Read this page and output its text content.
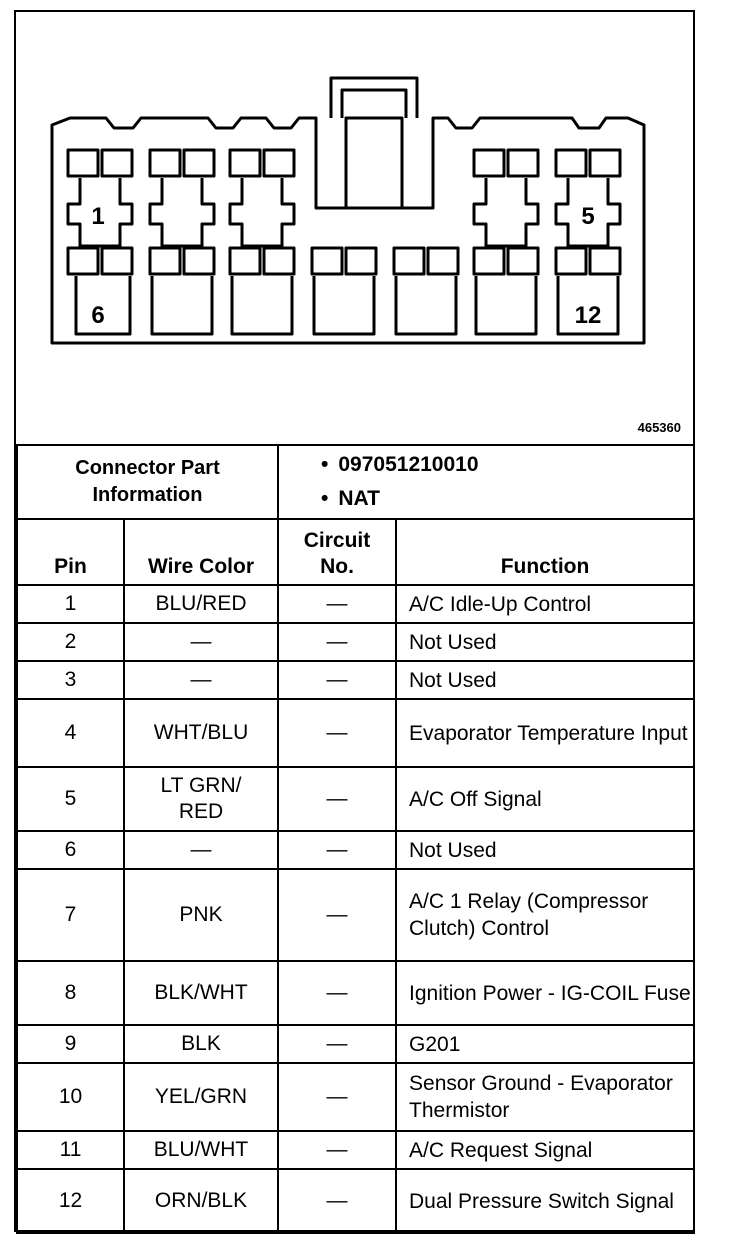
1	5
6	12
465360
Connector Part Information		• 097051210010
• NAT	

Pin	Wire Color	Circuit No.	Function
1	BLU/RED	—	A/C Idle-Up Control
2	—	—	Not Used
3	—	—	Not Used
4	WHT/BLU	—	Evaporator Temperature Input
5	LT GRN/ RED	—	A/C Off Signal
6	—	—	Not Used
7	PNK	—	A/C 1 Relay (Compressor Clutch) Control
8	BLK/WHT	—	Ignition Power - IG-COIL Fuse
9	BLK	—	G201
10	YEL/GRN	—	Sensor Ground - Evaporator Thermistor
11	BLU/WHT	—	A/C Request Signal
12	ORN/BLK	—	Dual Pressure Switch Signal
